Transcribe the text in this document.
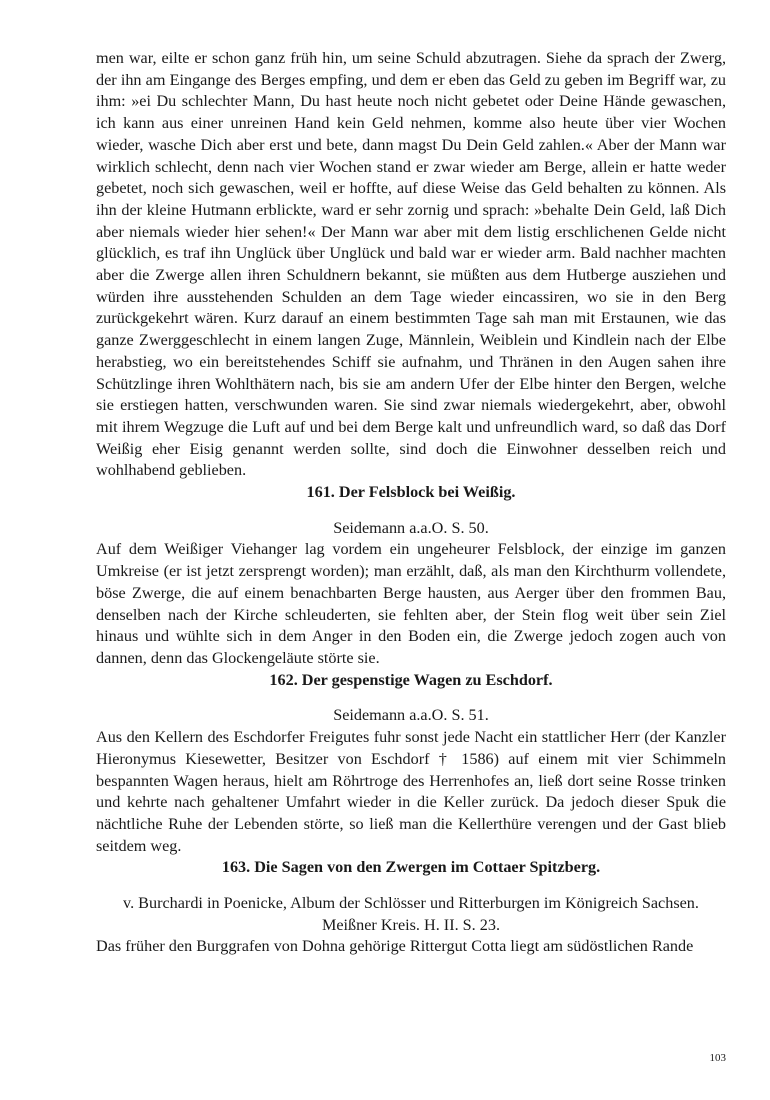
men war, eilte er schon ganz früh hin, um seine Schuld abzutragen. Siehe da sprach der Zwerg, der ihn am Eingange des Berges empfing, und dem er eben das Geld zu geben im Begriff war, zu ihm: »ei Du schlechter Mann, Du hast heute noch nicht gebetet oder Deine Hände gewaschen, ich kann aus einer unreinen Hand kein Geld nehmen, komme also heute über vier Wochen wieder, wasche Dich aber erst und bete, dann magst Du Dein Geld zahlen.« Aber der Mann war wirklich schlecht, denn nach vier Wochen stand er zwar wieder am Berge, allein er hatte weder gebetet, noch sich gewaschen, weil er hoffte, auf diese Weise das Geld behalten zu können. Als ihn der kleine Hutmann erblickte, ward er sehr zornig und sprach: »behalte Dein Geld, laß Dich aber niemals wieder hier sehen!« Der Mann war aber mit dem listig erschlichenen Gelde nicht glücklich, es traf ihn Unglück über Unglück und bald war er wieder arm. Bald nachher machten aber die Zwerge allen ihren Schuldnern bekannt, sie müßten aus dem Hutberge ausziehen und würden ihre ausstehenden Schulden an dem Tage wieder eincassiren, wo sie in den Berg zurückgekehrt wären. Kurz darauf an einem bestimmten Tage sah man mit Erstaunen, wie das ganze Zwerggeschlecht in einem langen Zuge, Männlein, Weiblein und Kindlein nach der Elbe herabstieg, wo ein bereitstehendes Schiff sie aufnahm, und Thränen in den Augen sahen ihre Schützlinge ihren Wohlthätern nach, bis sie am andern Ufer der Elbe hinter den Bergen, welche sie erstiegen hatten, verschwunden waren. Sie sind zwar niemals wiedergekehrt, aber, obwohl mit ihrem Wegzuge die Luft auf und bei dem Berge kalt und unfreundlich ward, so daß das Dorf Weißig eher Eisig genannt werden sollte, sind doch die Einwohner desselben reich und wohlhabend geblieben.

161. Der Felsblock bei Weißig.
Seidemann a.a.O. S. 50.

Auf dem Weißiger Viehanger lag vordem ein ungeheurer Felsblock, der einzige im ganzen Umkreise (er ist jetzt zersprengt worden); man erzählt, daß, als man den Kirchthurm vollendete, böse Zwerge, die auf einem benachbarten Berge hausten, aus Aerger über den frommen Bau, denselben nach der Kirche schleuderten, sie fehlten aber, der Stein flog weit über sein Ziel hinaus und wühlte sich in dem Anger in den Boden ein, die Zwerge jedoch zogen auch von dannen, denn das Glockengeläute störte sie.

162. Der gespenstige Wagen zu Eschdorf.
Seidemann a.a.O. S. 51.

Aus den Kellern des Eschdorfer Freigutes fuhr sonst jede Nacht ein stattlicher Herr (der Kanzler Hieronymus Kiesewetter, Besitzer von Eschdorf † 1586) auf einem mit vier Schimmeln bespannten Wagen heraus, hielt am Röhrtroge des Herrenhofes an, ließ dort seine Rosse trinken und kehrte nach gehaltener Umfahrt wieder in die Keller zurück. Da jedoch dieser Spuk die nächtliche Ruhe der Lebenden störte, so ließ man die Kellerthüre verengen und der Gast blieb seitdem weg.

163. Die Sagen von den Zwergen im Cottaer Spitzberg.
v. Burchardi in Poenicke, Album der Schlösser und Ritterburgen im Königreich Sachsen.
Meißner Kreis. H. II. S. 23.

Das früher den Burggrafen von Dohna gehörige Rittergut Cotta liegt am südöstlichen Rande

103
